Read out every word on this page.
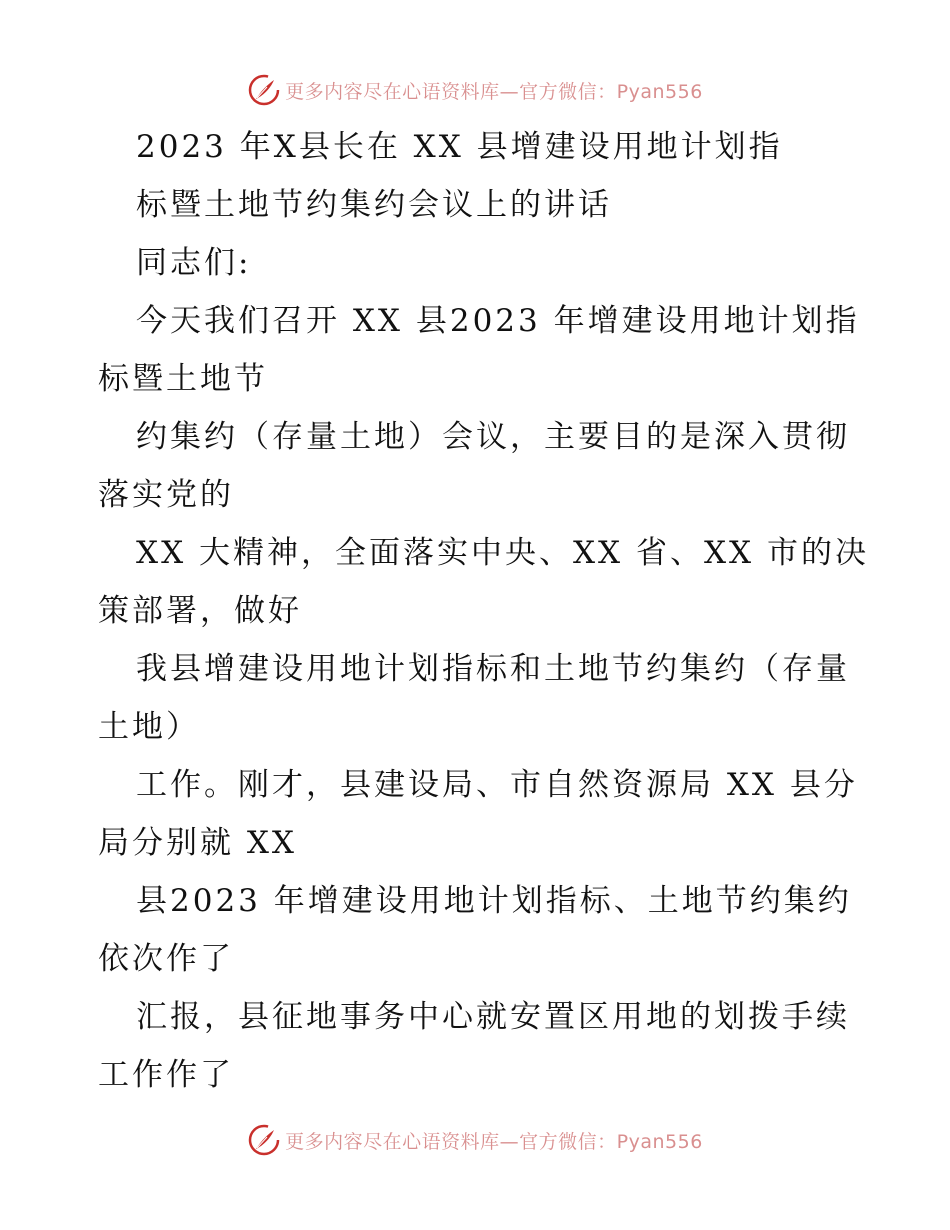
更多内容尽在心语资料库—官方微信：Pyan556
2023 年X县长在 XX 县增建设用地计划指
标暨土地节约集约会议上的讲话
同志们:
今天我们召开 XX 县2023 年增建设用地计划指
标暨土地节
约集约（存量土地）会议，主要目的是深入贯彻
落实党的
XX 大精神，全面落实中央、XX 省、XX 市的决
策部署，做好
我县增建设用地计划指标和土地节约集约（存量
土地）
工作。刚才，县建设局、市自然资源局 XX 县分
局分别就 XX
县2023 年增建设用地计划指标、土地节约集约
依次作了
汇报，县征地事务中心就安置区用地的划拨手续
工作作了
更多内容尽在心语资料库—官方微信：Pyan556
